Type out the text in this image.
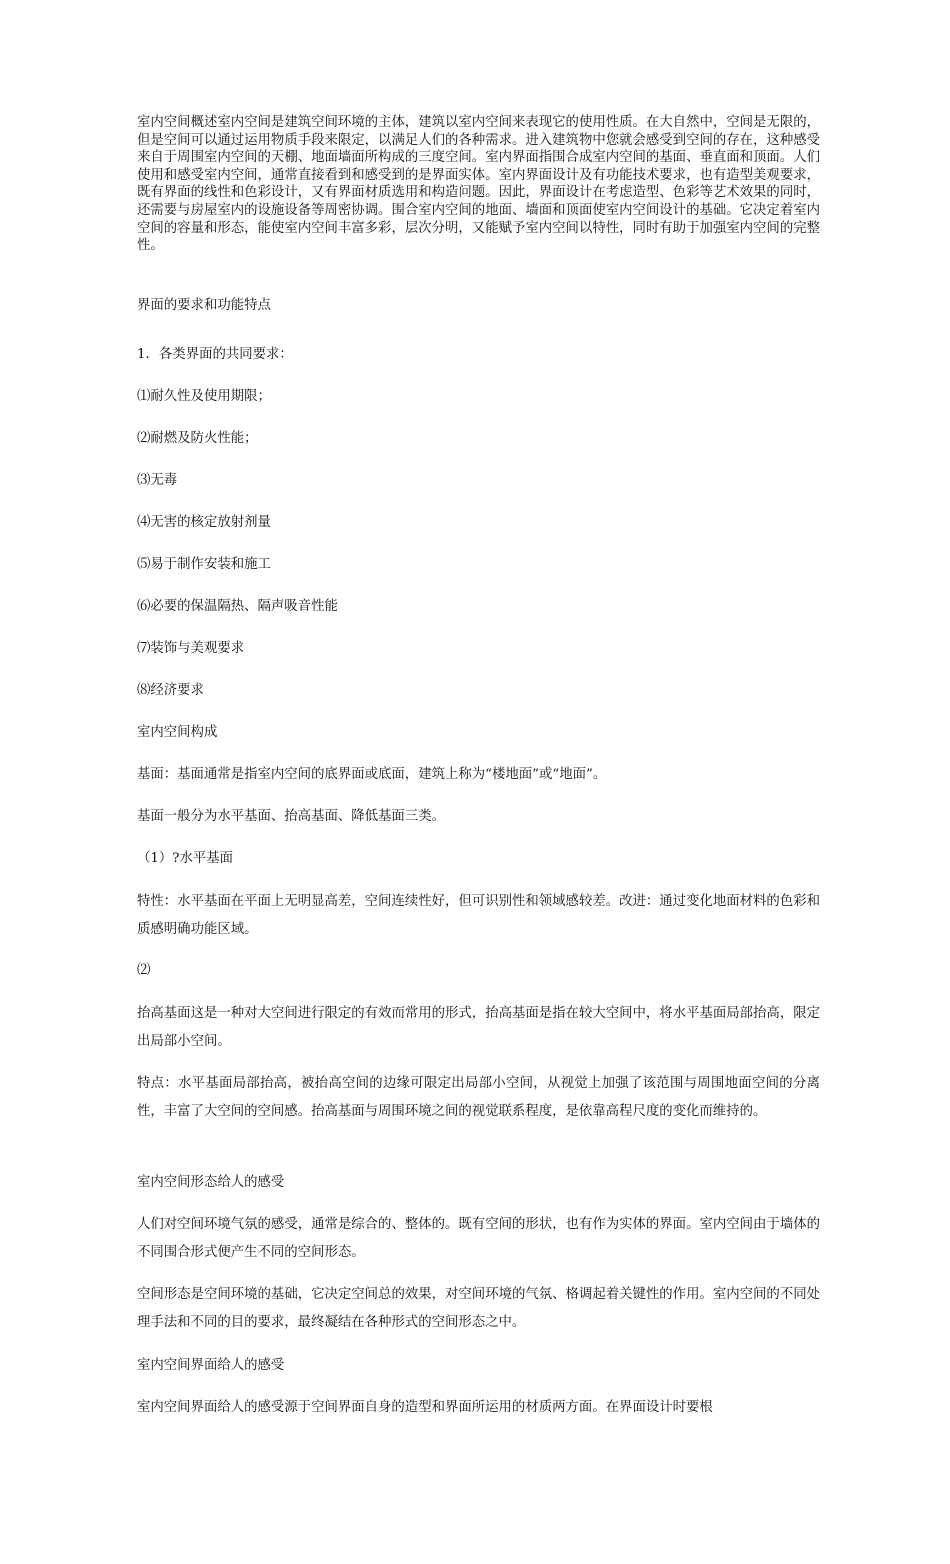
室内空间概述室内空间是建筑空间环境的主体，建筑以室内空间来表现它的使用性质。在大自然中，空间是无限的，但是空间可以通过运用物质手段来限定，以满足人们的各种需求。进入建筑物中您就会感受到空间的存在，这种感受来自于周围室内空间的天棚、地面墙面所构成的三度空间。室内界面指围合成室内空间的基面、垂直面和顶面。人们使用和感受室内空间，通常直接看到和感受到的是界面实体。室内界面设计及有功能技术要求，也有造型美观要求，既有界面的线性和色彩设计，又有界面材质选用和构造问题。因此，界面设计在考虑造型、色彩等艺术效果的同时，还需要与房屋室内的设施设备等周密协调。围合室内空间的地面、墙面和顶面使室内空间设计的基础。它决定着室内空间的容量和形态，能使室内空间丰富多彩，层次分明，又能赋予室内空间以特性，同时有助于加强室内空间的完整性。

界面的要求和功能特点

1．各类界面的共同要求：

⑴耐久性及使用期限；

⑵耐燃及防火性能；

⑶无毒

⑷无害的核定放射剂量

⑸易于制作安装和施工

⑹必要的保温隔热、隔声吸音性能

⑺装饰与美观要求

⑻经济要求

室内空间构成

基面：基面通常是指室内空间的底界面或底面，建筑上称为“楼地面”或“地面”。

基面一般分为水平基面、抬高基面、降低基面三类。

（1）?水平基面

特性：水平基面在平面上无明显高差，空间连续性好，但可识别性和领域感较差。改进：通过变化地面材料的色彩和质感明确功能区域。

⑵

抬高基面这是一种对大空间进行限定的有效而常用的形式，抬高基面是指在较大空间中，将水平基面局部抬高，限定出局部小空间。

特点：水平基面局部抬高，被抬高空间的边缘可限定出局部小空间，从视觉上加强了该范围与周围地面空间的分离性，丰富了大空间的空间感。抬高基面与周围环境之间的视觉联系程度，是依靠高程尺度的变化而维持的。

室内空间形态给人的感受

人们对空间环境气氛的感受，通常是综合的、整体的。既有空间的形状，也有作为实体的界面。室内空间由于墙体的不同围合形式便产生不同的空间形态。

空间形态是空间环境的基础，它决定空间总的效果，对空间环境的气氛、格调起着关键性的作用。室内空间的不同处理手法和不同的目的要求，最终凝结在各种形式的空间形态之中。

室内空间界面给人的感受

室内空间界面给人的感受源于空间界面自身的造型和界面所运用的材质两方面。在界面设计时要根
